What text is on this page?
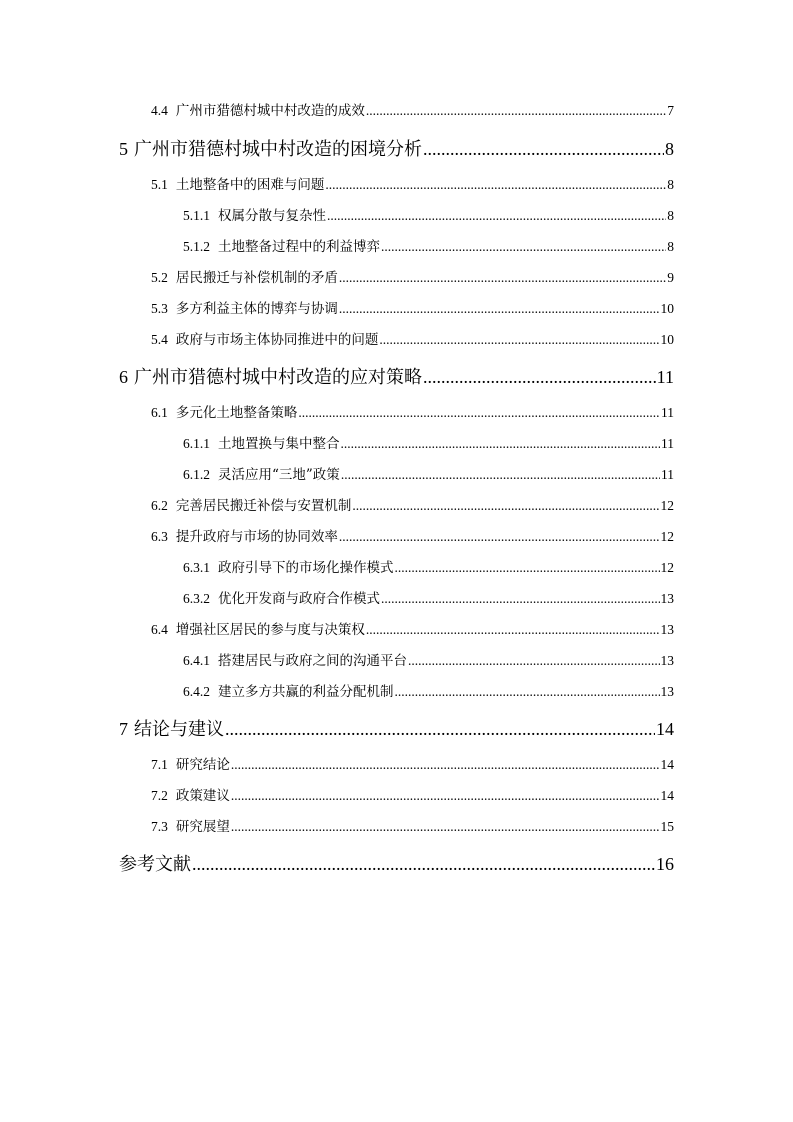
4.4 广州市猎德村城中村改造的成效 .....	7
5 广州市猎德村城中村改造的困境分析 .....	8
5.1 土地整备中的困难与问题 .....	8
5.1.1 权属分散与复杂性 .....	8
5.1.2 土地整备过程中的利益博弈 .....	8
5.2 居民搬迁与补偿机制的矛盾 .....	9
5.3 多方利益主体的博弈与协调 .....	10
5.4 政府与市场主体协同推进中的问题 .....	10
6 广州市猎德村城中村改造的应对策略 .....	11
6.1 多元化土地整备策略 .....	11
6.1.1 土地置换与集中整合 .....	11
6.1.2 灵活应用“三地”政策 .....	11
6.2 完善居民搬迁补偿与安置机制 .....	12
6.3 提升政府与市场的协同效率 .....	12
6.3.1 政府引导下的市场化操作模式 .....	12
6.3.2 优化开发商与政府合作模式 .....	13
6.4 增强社区居民的参与度与决策权 .....	13
6.4.1 搭建居民与政府之间的沟通平台 .....	13
6.4.2 建立多方共赢的利益分配机制 .....	13
7 结论与建议 .....	14
7.1 研究结论 .....	14
7.2 政策建议 .....	14
7.3 研究展望 .....	15
参考文献 .....	16
